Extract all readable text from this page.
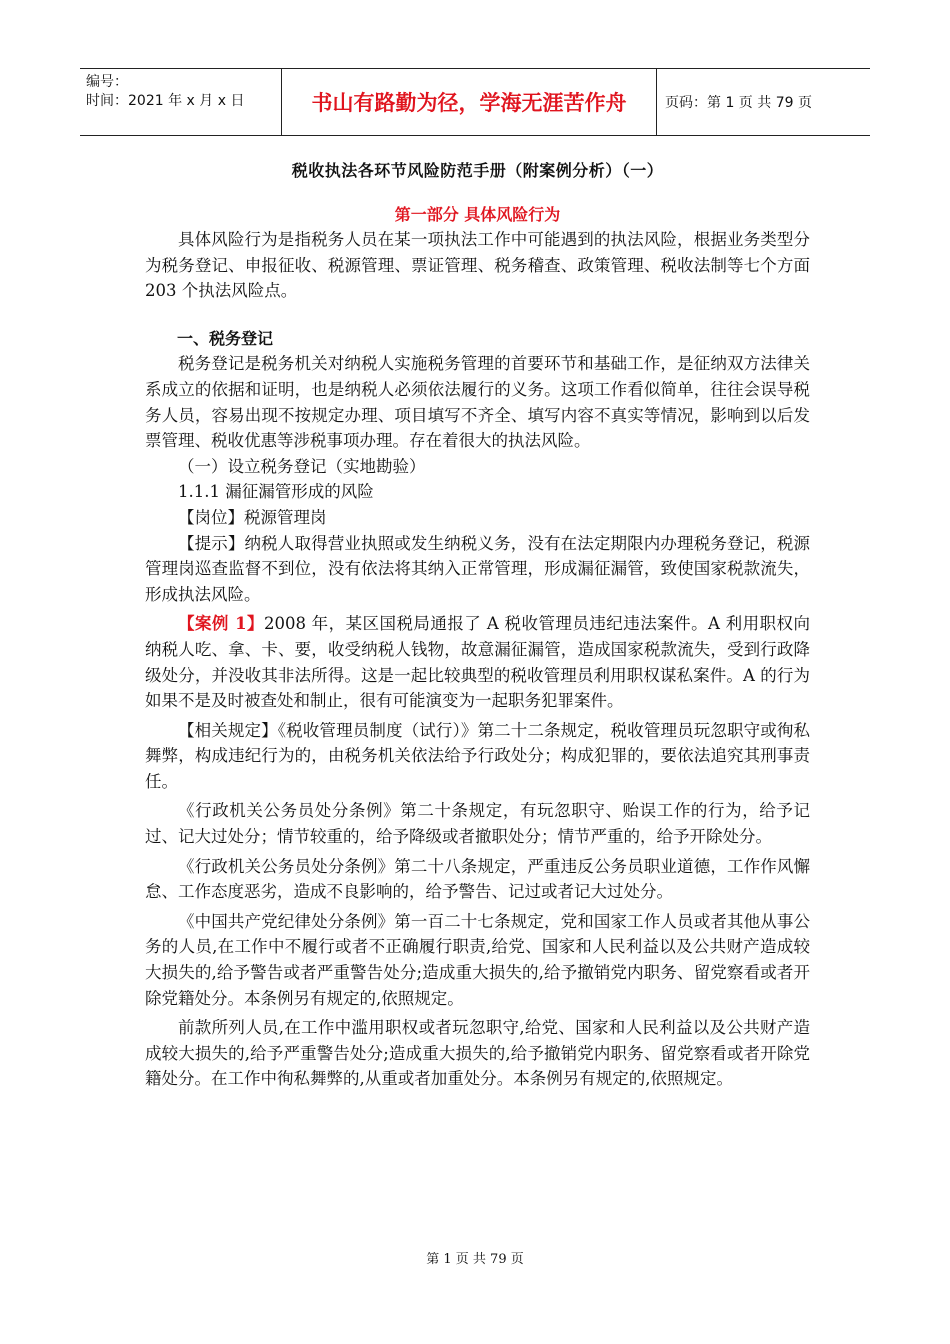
编号：
时间：2021 年 x 月 x 日	书山有路勤为径，学海无涯苦作舟	页码：第 1 页 共 79 页
税收执法各环节风险防范手册（附案例分析）（一）
第一部分 具体风险行为

具体风险行为是指税务人员在某一项执法工作中可能遇到的执法风险，根据业务类型分为税务登记、申报征收、税源管理、票证管理、税务稽查、政策管理、税收法制等七个方面 203 个执法风险点。

一、税务登记

税务登记是税务机关对纳税人实施税务管理的首要环节和基础工作，是征纳双方法律关系成立的依据和证明，也是纳税人必须依法履行的义务。这项工作看似简单，往往会误导税务人员，容易出现不按规定办理、项目填写不齐全、填写内容不真实等情况，影响到以后发票管理、税收优惠等涉税事项办理。存在着很大的执法风险。

（一）设立税务登记（实地勘验）

1.1.1 漏征漏管形成的风险

【岗位】税源管理岗

【提示】纳税人取得营业执照或发生纳税义务，没有在法定期限内办理税务登记，税源管理岗巡查监督不到位，没有依法将其纳入正常管理，形成漏征漏管，致使国家税款流失，形成执法风险。

【案例 1】2008 年，某区国税局通报了 A 税收管理员违纪违法案件。A 利用职权向纳税人吃、拿、卡、要，收受纳税人钱物，故意漏征漏管，造成国家税款流失，受到行政降级处分，并没收其非法所得。这是一起比较典型的税收管理员利用职权谋私案件。A 的行为如果不是及时被查处和制止，很有可能演变为一起职务犯罪案件。

【相关规定】《税收管理员制度（试行）》第二十二条规定，税收管理员玩忽职守或徇私舞弊，构成违纪行为的，由税务机关依法给予行政处分；构成犯罪的，要依法追究其刑事责任。

《行政机关公务员处分条例》第二十条规定，有玩忽职守、贻误工作的行为，给予记过、记大过处分；情节较重的，给予降级或者撤职处分；情节严重的，给予开除处分。

《行政机关公务员处分条例》第二十八条规定，严重违反公务员职业道德，工作作风懈怠、工作态度恶劣，造成不良影响的，给予警告、记过或者记大过处分。

《中国共产党纪律处分条例》第一百二十七条规定，党和国家工作人员或者其他从事公务的人员,在工作中不履行或者不正确履行职责,给党、国家和人民利益以及公共财产造成较大损失的,给予警告或者严重警告处分;造成重大损失的,给予撤销党内职务、留党察看或者开除党籍处分。本条例另有规定的,依照规定。

前款所列人员,在工作中滥用职权或者玩忽职守,给党、国家和人民利益以及公共财产造成较大损失的,给予严重警告处分;造成重大损失的,给予撤销党内职务、留党察看或者开除党籍处分。在工作中徇私舞弊的,从重或者加重处分。本条例另有规定的,依照规定。

第 1 页 共 79 页
